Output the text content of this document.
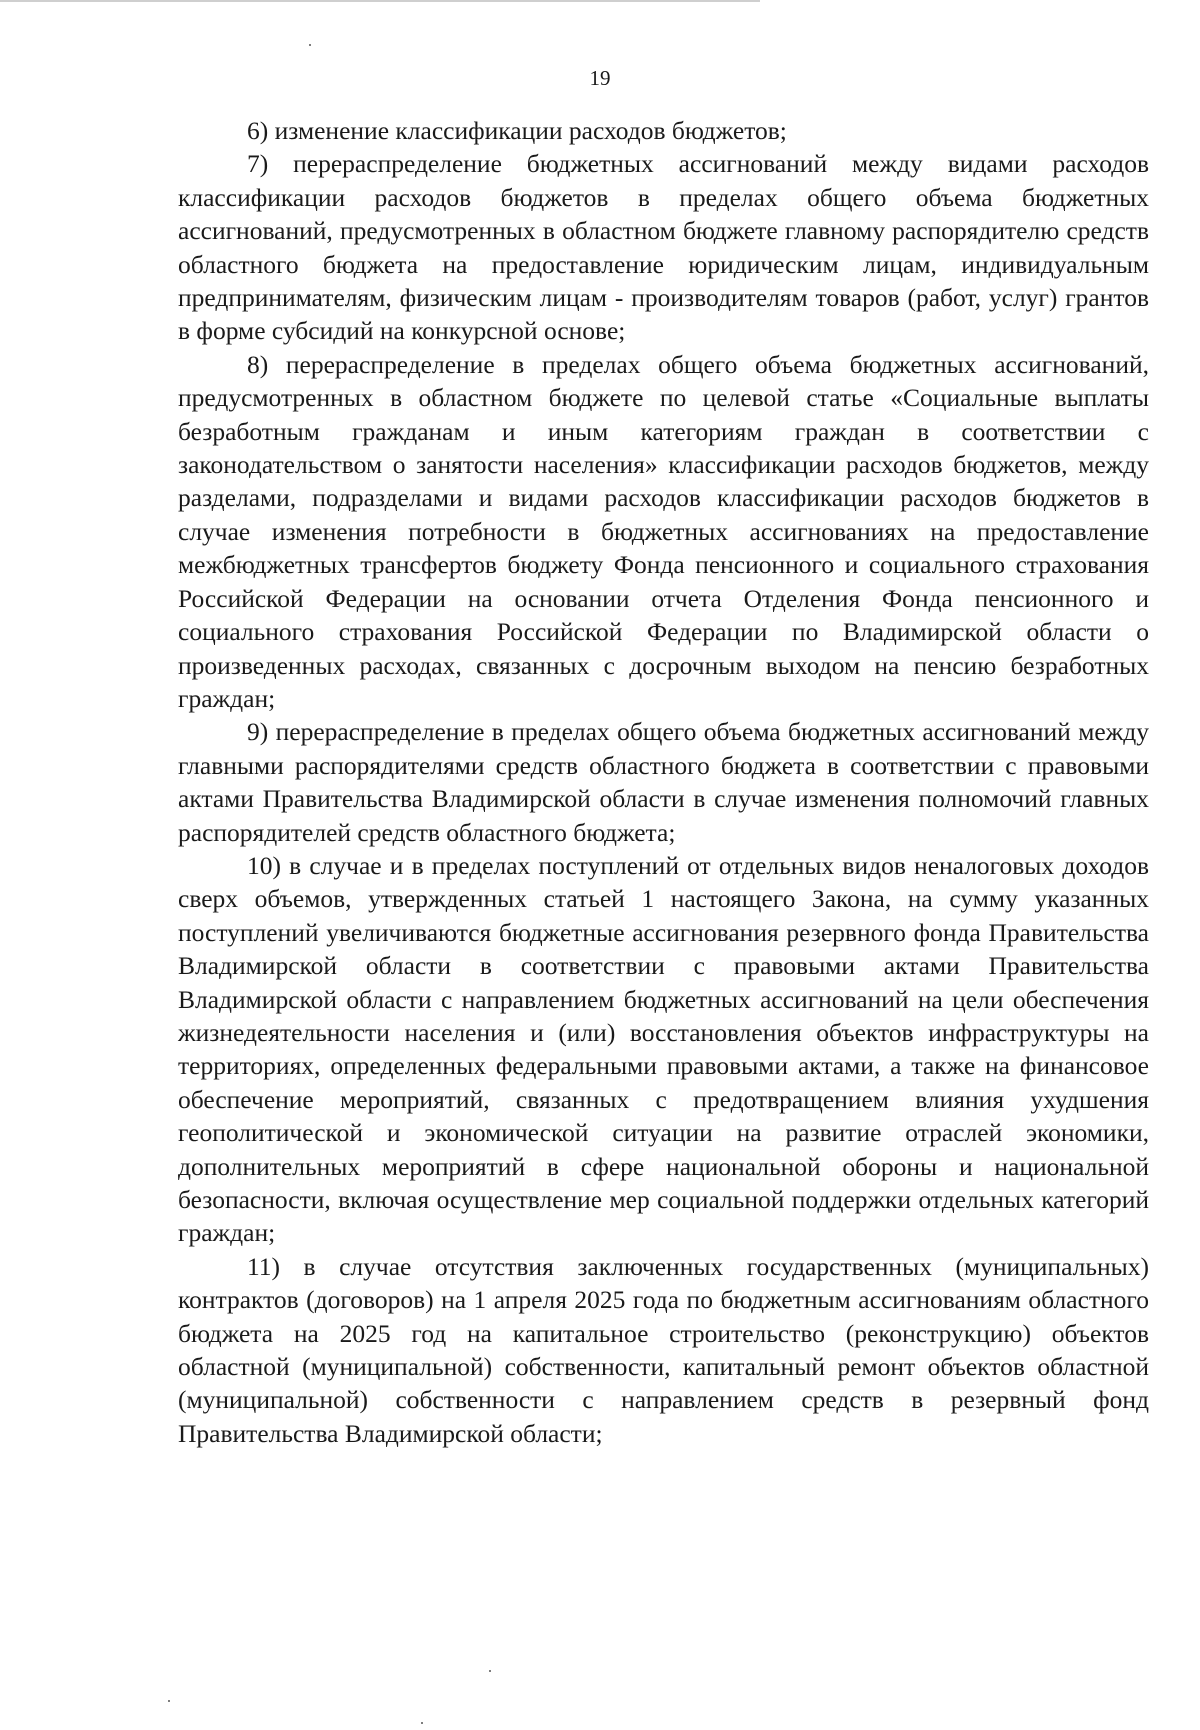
19

6) изменение классификации расходов бюджетов;

7) перераспределение бюджетных ассигнований между видами расходов классификации расходов бюджетов в пределах общего объема бюджетных ассигнований, предусмотренных в областном бюджете главному распорядителю средств областного бюджета на предоставление юридическим лицам, индивидуальным предпринимателям, физическим лицам - производителям товаров (работ, услуг) грантов в форме субсидий на конкурсной основе;

8) перераспределение в пределах общего объема бюджетных ассигнований, предусмотренных в областном бюджете по целевой статье «Социальные выплаты безработным гражданам и иным категориям граждан в соответствии с законодательством о занятости населения» классификации расходов бюджетов, между разделами, подразделами и видами расходов классификации расходов бюджетов в случае изменения потребности в бюджетных ассигнованиях на предоставление межбюджетных трансфертов бюджету Фонда пенсионного и социального страхования Российской Федерации на основании отчета Отделения Фонда пенсионного и социального страхования Российской Федерации по Владимирской области о произведенных расходах, связанных с досрочным выходом на пенсию безработных граждан;

9) перераспределение в пределах общего объема бюджетных ассигнований между главными распорядителями средств областного бюджета в соответствии с правовыми актами Правительства Владимирской области в случае изменения полномочий главных распорядителей средств областного бюджета;

10) в случае и в пределах поступлений от отдельных видов неналоговых доходов сверх объемов, утвержденных статьей 1 настоящего Закона, на сумму указанных поступлений увеличиваются бюджетные ассигнования резервного фонда Правительства Владимирской области в соответствии с правовыми актами Правительства Владимирской области с направлением бюджетных ассигнований на цели обеспечения жизнедеятельности населения и (или) восстановления объектов инфраструктуры на территориях, определенных федеральными правовыми актами, а также на финансовое обеспечение мероприятий, связанных с предотвращением влияния ухудшения геополитической и экономической ситуации на развитие отраслей экономики, дополнительных мероприятий в сфере национальной обороны и национальной безопасности, включая осуществление мер социальной поддержки отдельных категорий граждан;

11) в случае отсутствия заключенных государственных (муниципальных) контрактов (договоров) на 1 апреля 2025 года по бюджетным ассигнованиям областного бюджета на 2025 год на капитальное строительство (реконструкцию) объектов областной (муниципальной) собственности, капитальный ремонт объектов областной (муниципальной) собственности с направлением средств в резервный фонд Правительства Владимирской области;
